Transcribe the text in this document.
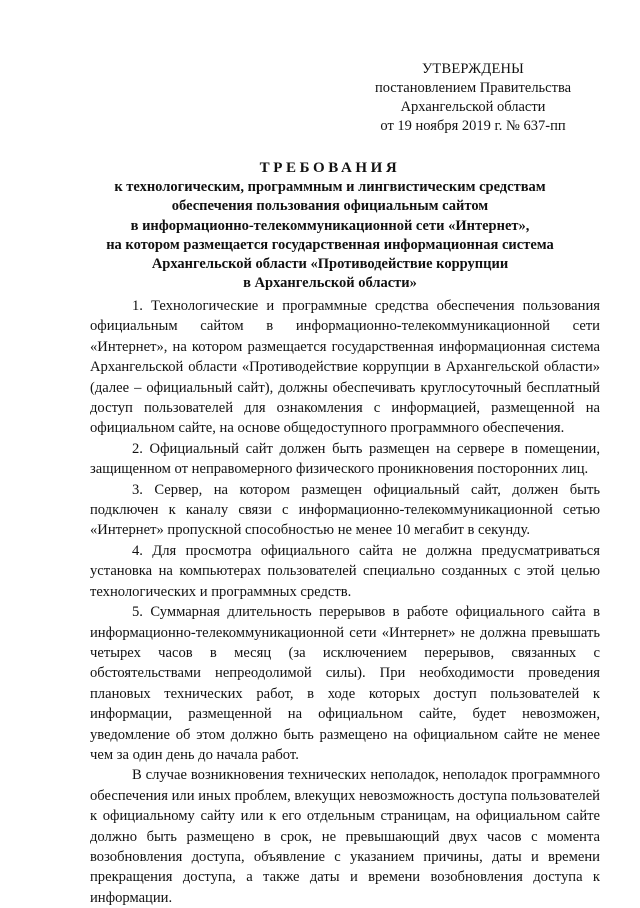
УТВЕРЖДЕНЫ
постановлением Правительства
Архангельской области
от 19 ноября 2019 г. № 637-пп
ТРЕБОВАНИЯ
к технологическим, программным и лингвистическим средствам
обеспечения пользования официальным сайтом
в информационно-телекоммуникационной сети «Интернет»,
на котором размещается государственная информационная система
Архангельской области «Противодействие коррупции
в Архангельской области»

1. Технологические и программные средства обеспечения пользования официальным сайтом в информационно-телекоммуникационной сети «Интернет», на котором размещается государственная информационная система Архангельской области «Противодействие коррупции в Архангельской области» (далее – официальный сайт), должны обеспечивать круглосуточный бесплатный доступ пользователей для ознакомления с информацией, размещенной на официальном сайте, на основе общедоступного программного обеспечения.

2. Официальный сайт должен быть размещен на сервере в помещении, защищенном от неправомерного физического проникновения посторонних лиц.

3. Сервер, на котором размещен официальный сайт, должен быть подключен к каналу связи с информационно-телекоммуникационной сетью «Интернет» пропускной способностью не менее 10 мегабит в секунду.

4. Для просмотра официального сайта не должна предусматриваться установка на компьютерах пользователей специально созданных с этой целью технологических и программных средств.

5. Суммарная длительность перерывов в работе официального сайта в информационно-телекоммуникационной сети «Интернет» не должна превышать четырех часов в месяц (за исключением перерывов, связанных с обстоятельствами непреодолимой силы). При необходимости проведения плановых технических работ, в ходе которых доступ пользователей к информации, размещенной на официальном сайте, будет невозможен, уведомление об этом должно быть размещено на официальном сайте не менее чем за один день до начала работ.

В случае возникновения технических неполадок, неполадок программного обеспечения или иных проблем, влекущих невозможность доступа пользователей к официальному сайту или к его отдельным страницам, на официальном сайте должно быть размещено в срок, не превышающий двух часов с момента возобновления доступа, объявление с указанием причины, даты и времени прекращения доступа, а также даты и времени возобновления доступа к информации.
